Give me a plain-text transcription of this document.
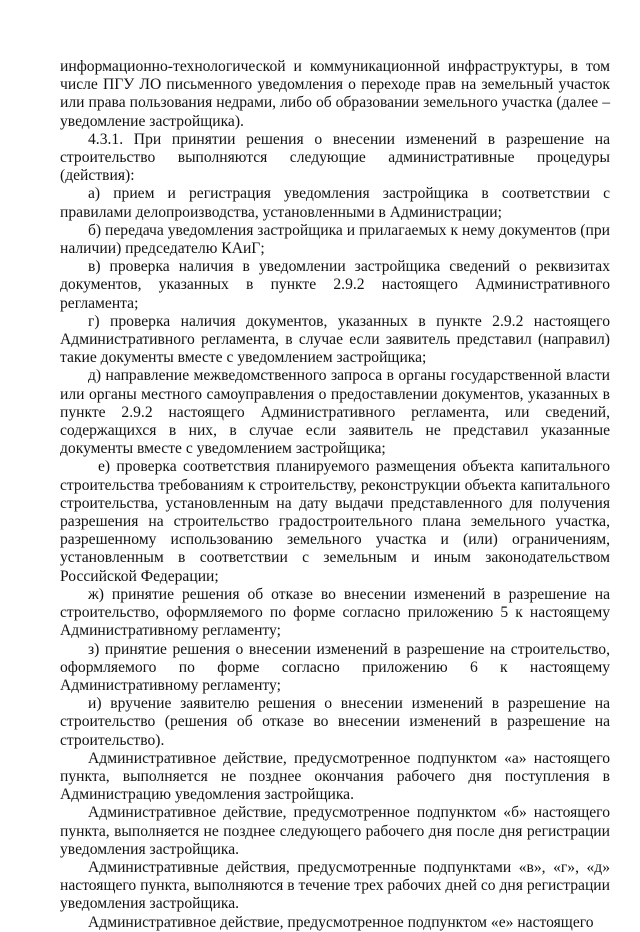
информационно-технологической и коммуникационной инфраструктуры, в том числе ПГУ ЛО письменного уведомления о переходе прав на земельный участок или права пользования недрами, либо об образовании земельного участка (далее – уведомление застройщика).

4.3.1. При принятии решения о внесении изменений в разрешение на строительство выполняются следующие административные процедуры (действия):

а) прием и регистрация уведомления застройщика в соответствии с правилами делопроизводства, установленными в Администрации;

б) передача уведомления застройщика и прилагаемых к нему документов (при наличии) председателю КАиГ;

в) проверка наличия в уведомлении застройщика сведений о реквизитах документов, указанных в пункте 2.9.2 настоящего Административного регламента;

г) проверка наличия документов, указанных в пункте 2.9.2 настоящего Административного регламента, в случае если заявитель представил (направил) такие документы вместе с уведомлением застройщика;

д) направление межведомственного запроса в органы государственной власти или органы местного самоуправления о предоставлении документов, указанных в пункте 2.9.2 настоящего Административного регламента, или сведений, содержащихся в них, в случае если заявитель не представил указанные документы вместе с уведомлением застройщика;

е) проверка соответствия планируемого размещения объекта капитального строительства требованиям к строительству, реконструкции объекта капитального строительства, установленным на дату выдачи представленного для получения разрешения на строительство градостроительного плана земельного участка, разрешенному использованию земельного участка и (или) ограничениям, установленным в соответствии с земельным и иным законодательством Российской Федерации;

ж) принятие решения об отказе во внесении изменений в разрешение на строительство, оформляемого по форме согласно приложению 5 к настоящему Административному регламенту;

з) принятие решения о внесении изменений в разрешение на строительство, оформляемого по форме согласно приложению 6 к настоящему Административному регламенту;

и) вручение заявителю решения о внесении изменений в разрешение на строительство (решения об отказе во внесении изменений в разрешение на строительство).

Административное действие, предусмотренное подпунктом «а» настоящего пункта, выполняется не позднее окончания рабочего дня поступления в Администрацию уведомления застройщика.

Административное действие, предусмотренное подпунктом «б» настоящего пункта, выполняется не позднее следующего рабочего дня после дня регистрации уведомления застройщика.

Административные действия, предусмотренные подпунктами «в», «г», «д» настоящего пункта, выполняются в течение трех рабочих дней со дня регистрации уведомления застройщика.

Административное действие, предусмотренное подпунктом «е» настоящего
